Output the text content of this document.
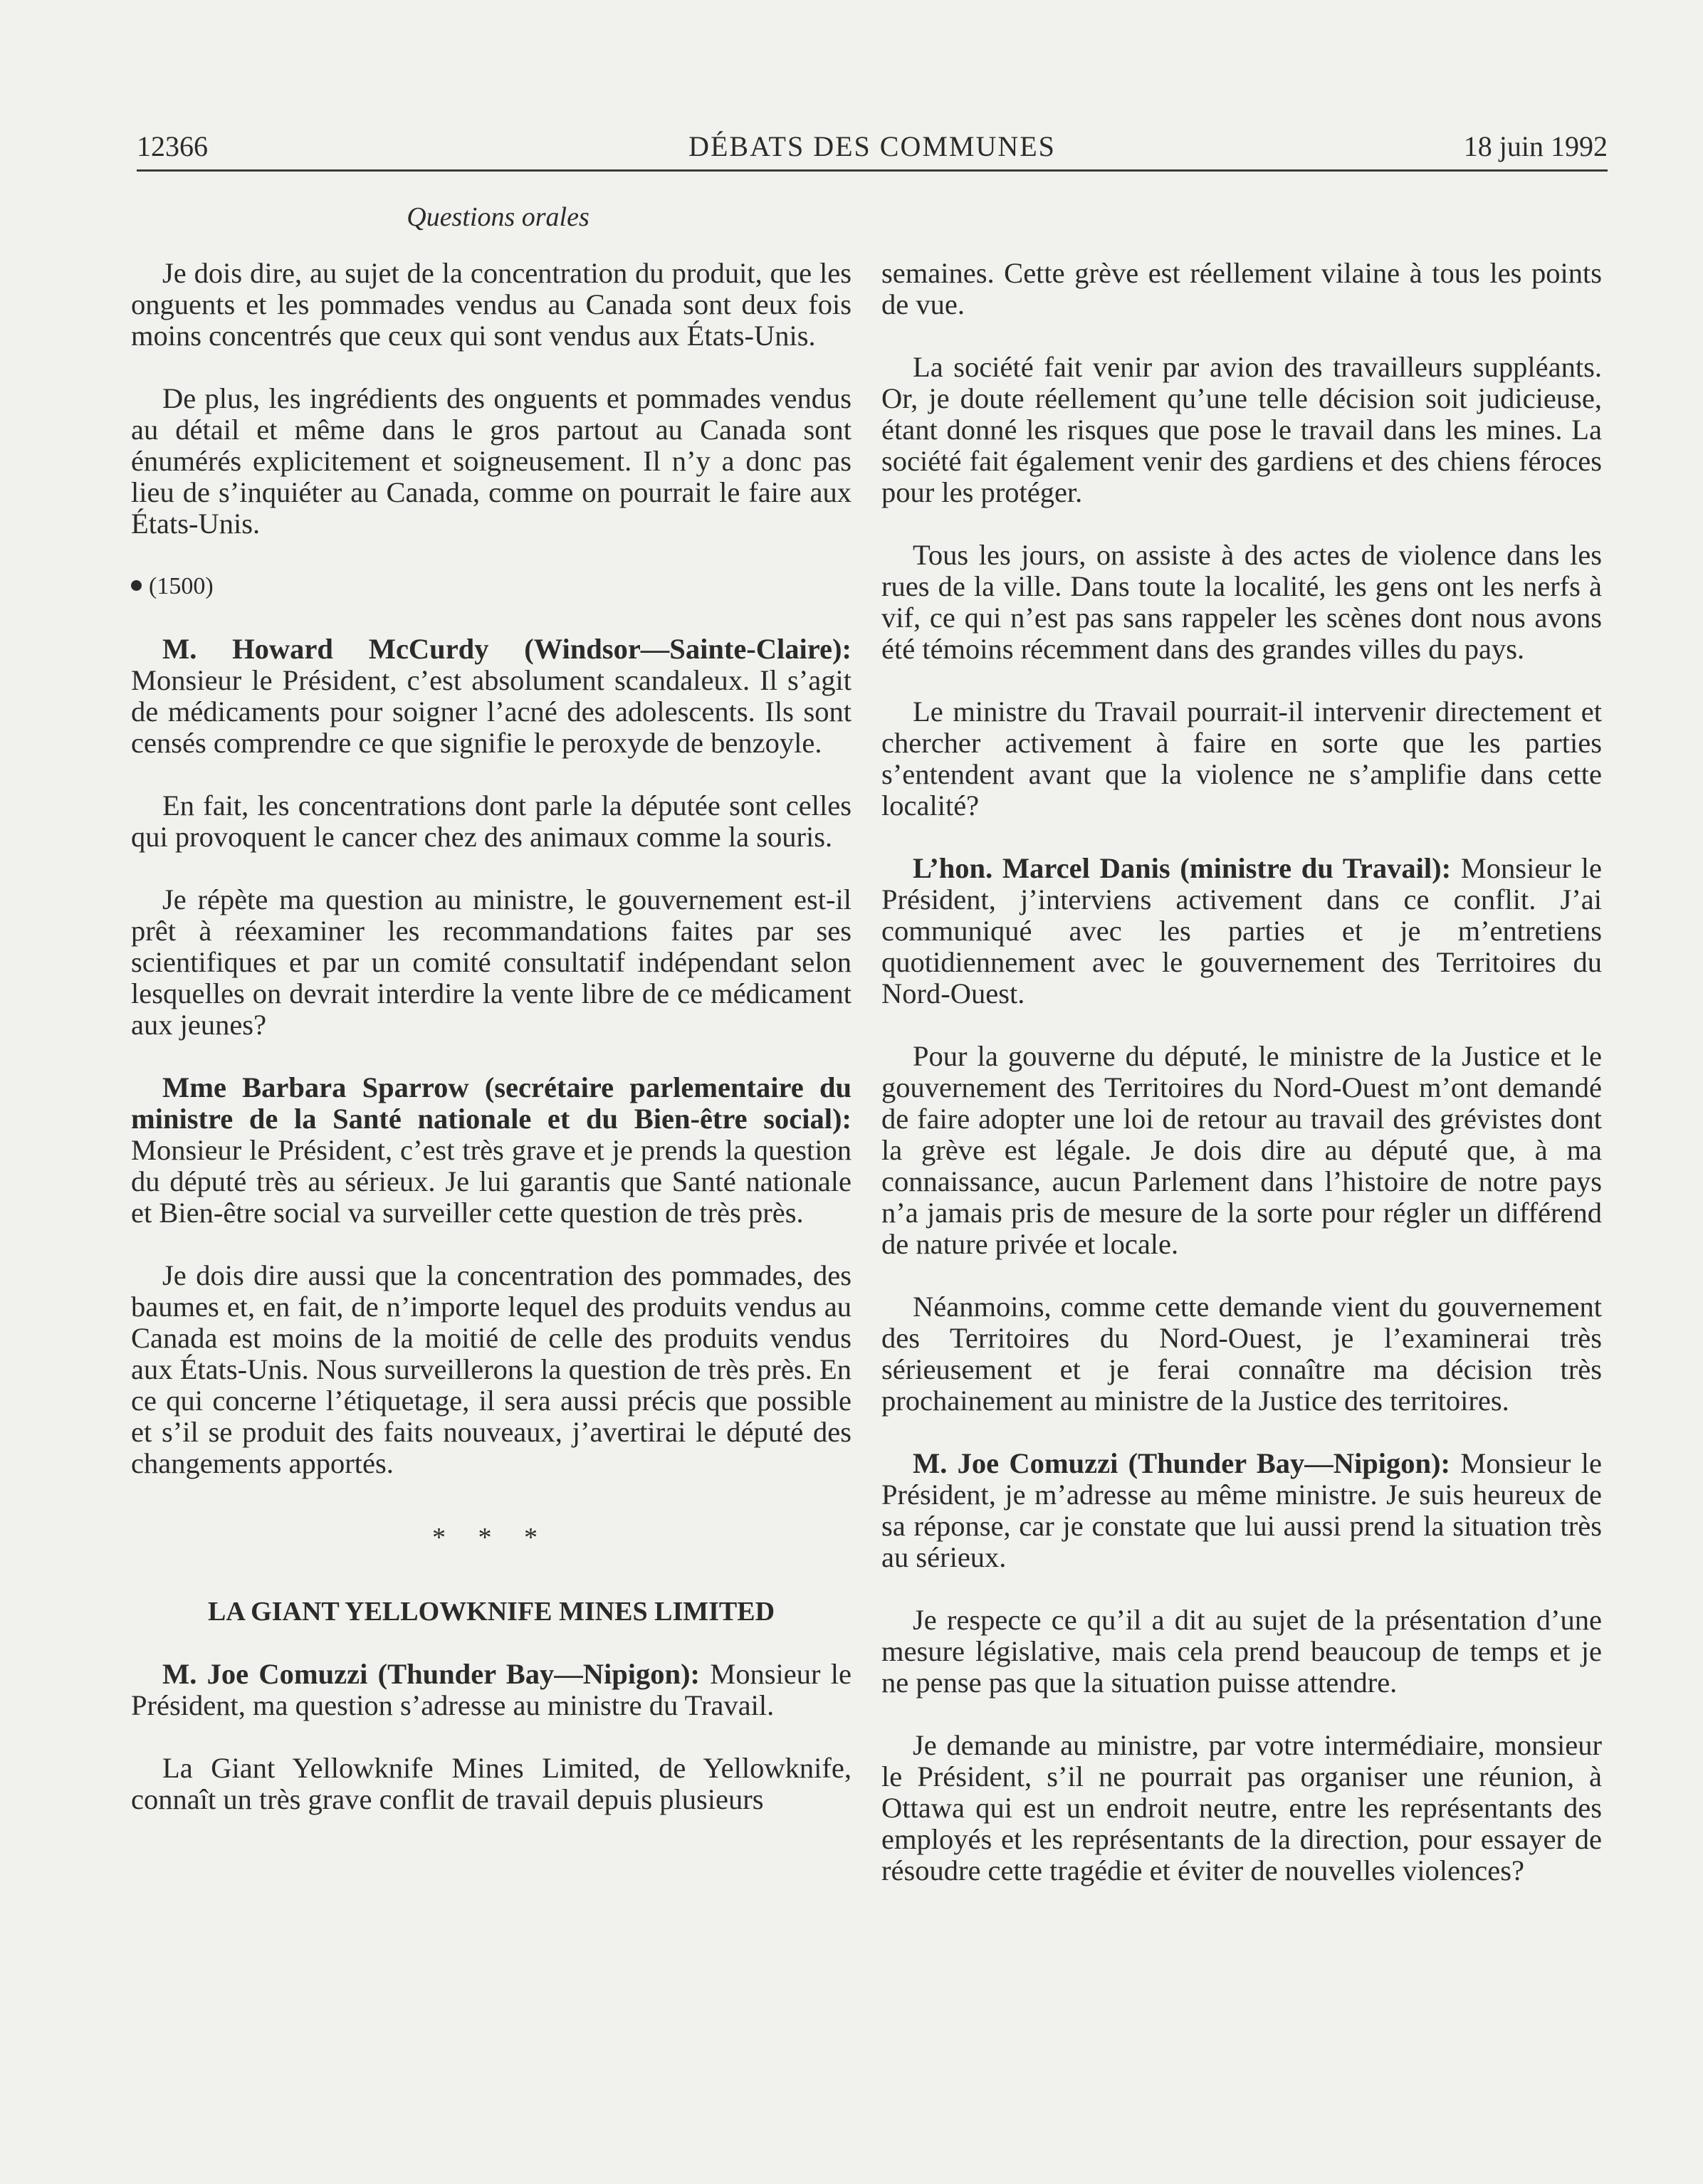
12366	DÉBATS DES COMMUNES	18 juin 1992
Questions orales

Je dois dire, au sujet de la concentration du produit, que les onguents et les pommades vendus au Canada sont deux fois moins concentrés que ceux qui sont vendus aux États-Unis.

De plus, les ingrédients des onguents et pommades vendus au détail et même dans le gros partout au Canada sont énumérés explicitement et soigneusement. Il n’y a donc pas lieu de s’inquiéter au Canada, comme on pourrait le faire aux États-Unis.

(1500)

M. Howard McCurdy (Windsor—Sainte-Claire): Monsieur le Président, c’est absolument scandaleux. Il s’agit de médicaments pour soigner l’acné des adolescents. Ils sont censés comprendre ce que signifie le peroxyde de benzoyle.

En fait, les concentrations dont parle la députée sont celles qui provoquent le cancer chez des animaux comme la souris.

Je répète ma question au ministre, le gouvernement est-il prêt à réexaminer les recommandations faites par ses scientifiques et par un comité consultatif indépendant selon lesquelles on devrait interdire la vente libre de ce médicament aux jeunes?

Mme Barbara Sparrow (secrétaire parlementaire du ministre de la Santé nationale et du Bien-être social): Monsieur le Président, c’est très grave et je prends la question du député très au sérieux. Je lui garantis que Santé nationale et Bien-être social va surveiller cette question de très près.

Je dois dire aussi que la concentration des pommades, des baumes et, en fait, de n’importe lequel des produits vendus au Canada est moins de la moitié de celle des produits vendus aux États-Unis. Nous surveillerons la question de très près. En ce qui concerne l’étiquetage, il sera aussi précis que possible et s’il se produit des faits nouveaux, j’avertirai le député des changements apportés.

* * *
LA GIANT YELLOWKNIFE MINES LIMITED

M. Joe Comuzzi (Thunder Bay—Nipigon): Monsieur le Président, ma question s’adresse au ministre du Travail.

La Giant Yellowknife Mines Limited, de Yellowknife, connaît un très grave conflit de travail depuis plusieurs

semaines. Cette grève est réellement vilaine à tous les points de vue.

La société fait venir par avion des travailleurs suppléants. Or, je doute réellement qu’une telle décision soit judicieuse, étant donné les risques que pose le travail dans les mines. La société fait également venir des gardiens et des chiens féroces pour les protéger.

Tous les jours, on assiste à des actes de violence dans les rues de la ville. Dans toute la localité, les gens ont les nerfs à vif, ce qui n’est pas sans rappeler les scènes dont nous avons été témoins récemment dans des grandes villes du pays.

Le ministre du Travail pourrait-il intervenir directement et chercher activement à faire en sorte que les parties s’entendent avant que la violence ne s’amplifie dans cette localité?

L’hon. Marcel Danis (ministre du Travail): Monsieur le Président, j’interviens activement dans ce conflit. J’ai communiqué avec les parties et je m’entretiens quotidiennement avec le gouvernement des Territoires du Nord-Ouest.

Pour la gouverne du député, le ministre de la Justice et le gouvernement des Territoires du Nord-Ouest m’ont demandé de faire adopter une loi de retour au travail des grévistes dont la grève est légale. Je dois dire au député que, à ma connaissance, aucun Parlement dans l’histoire de notre pays n’a jamais pris de mesure de la sorte pour régler un différend de nature privée et locale.

Néanmoins, comme cette demande vient du gouvernement des Territoires du Nord-Ouest, je l’examinerai très sérieusement et je ferai connaître ma décision très prochainement au ministre de la Justice des territoires.

M. Joe Comuzzi (Thunder Bay—Nipigon): Monsieur le Président, je m’adresse au même ministre. Je suis heureux de sa réponse, car je constate que lui aussi prend la situation très au sérieux.

Je respecte ce qu’il a dit au sujet de la présentation d’une mesure législative, mais cela prend beaucoup de temps et je ne pense pas que la situation puisse attendre.

Je demande au ministre, par votre intermédiaire, monsieur le Président, s’il ne pourrait pas organiser une réunion, à Ottawa qui est un endroit neutre, entre les représentants des employés et les représentants de la direction, pour essayer de résoudre cette tragédie et éviter de nouvelles violences?
